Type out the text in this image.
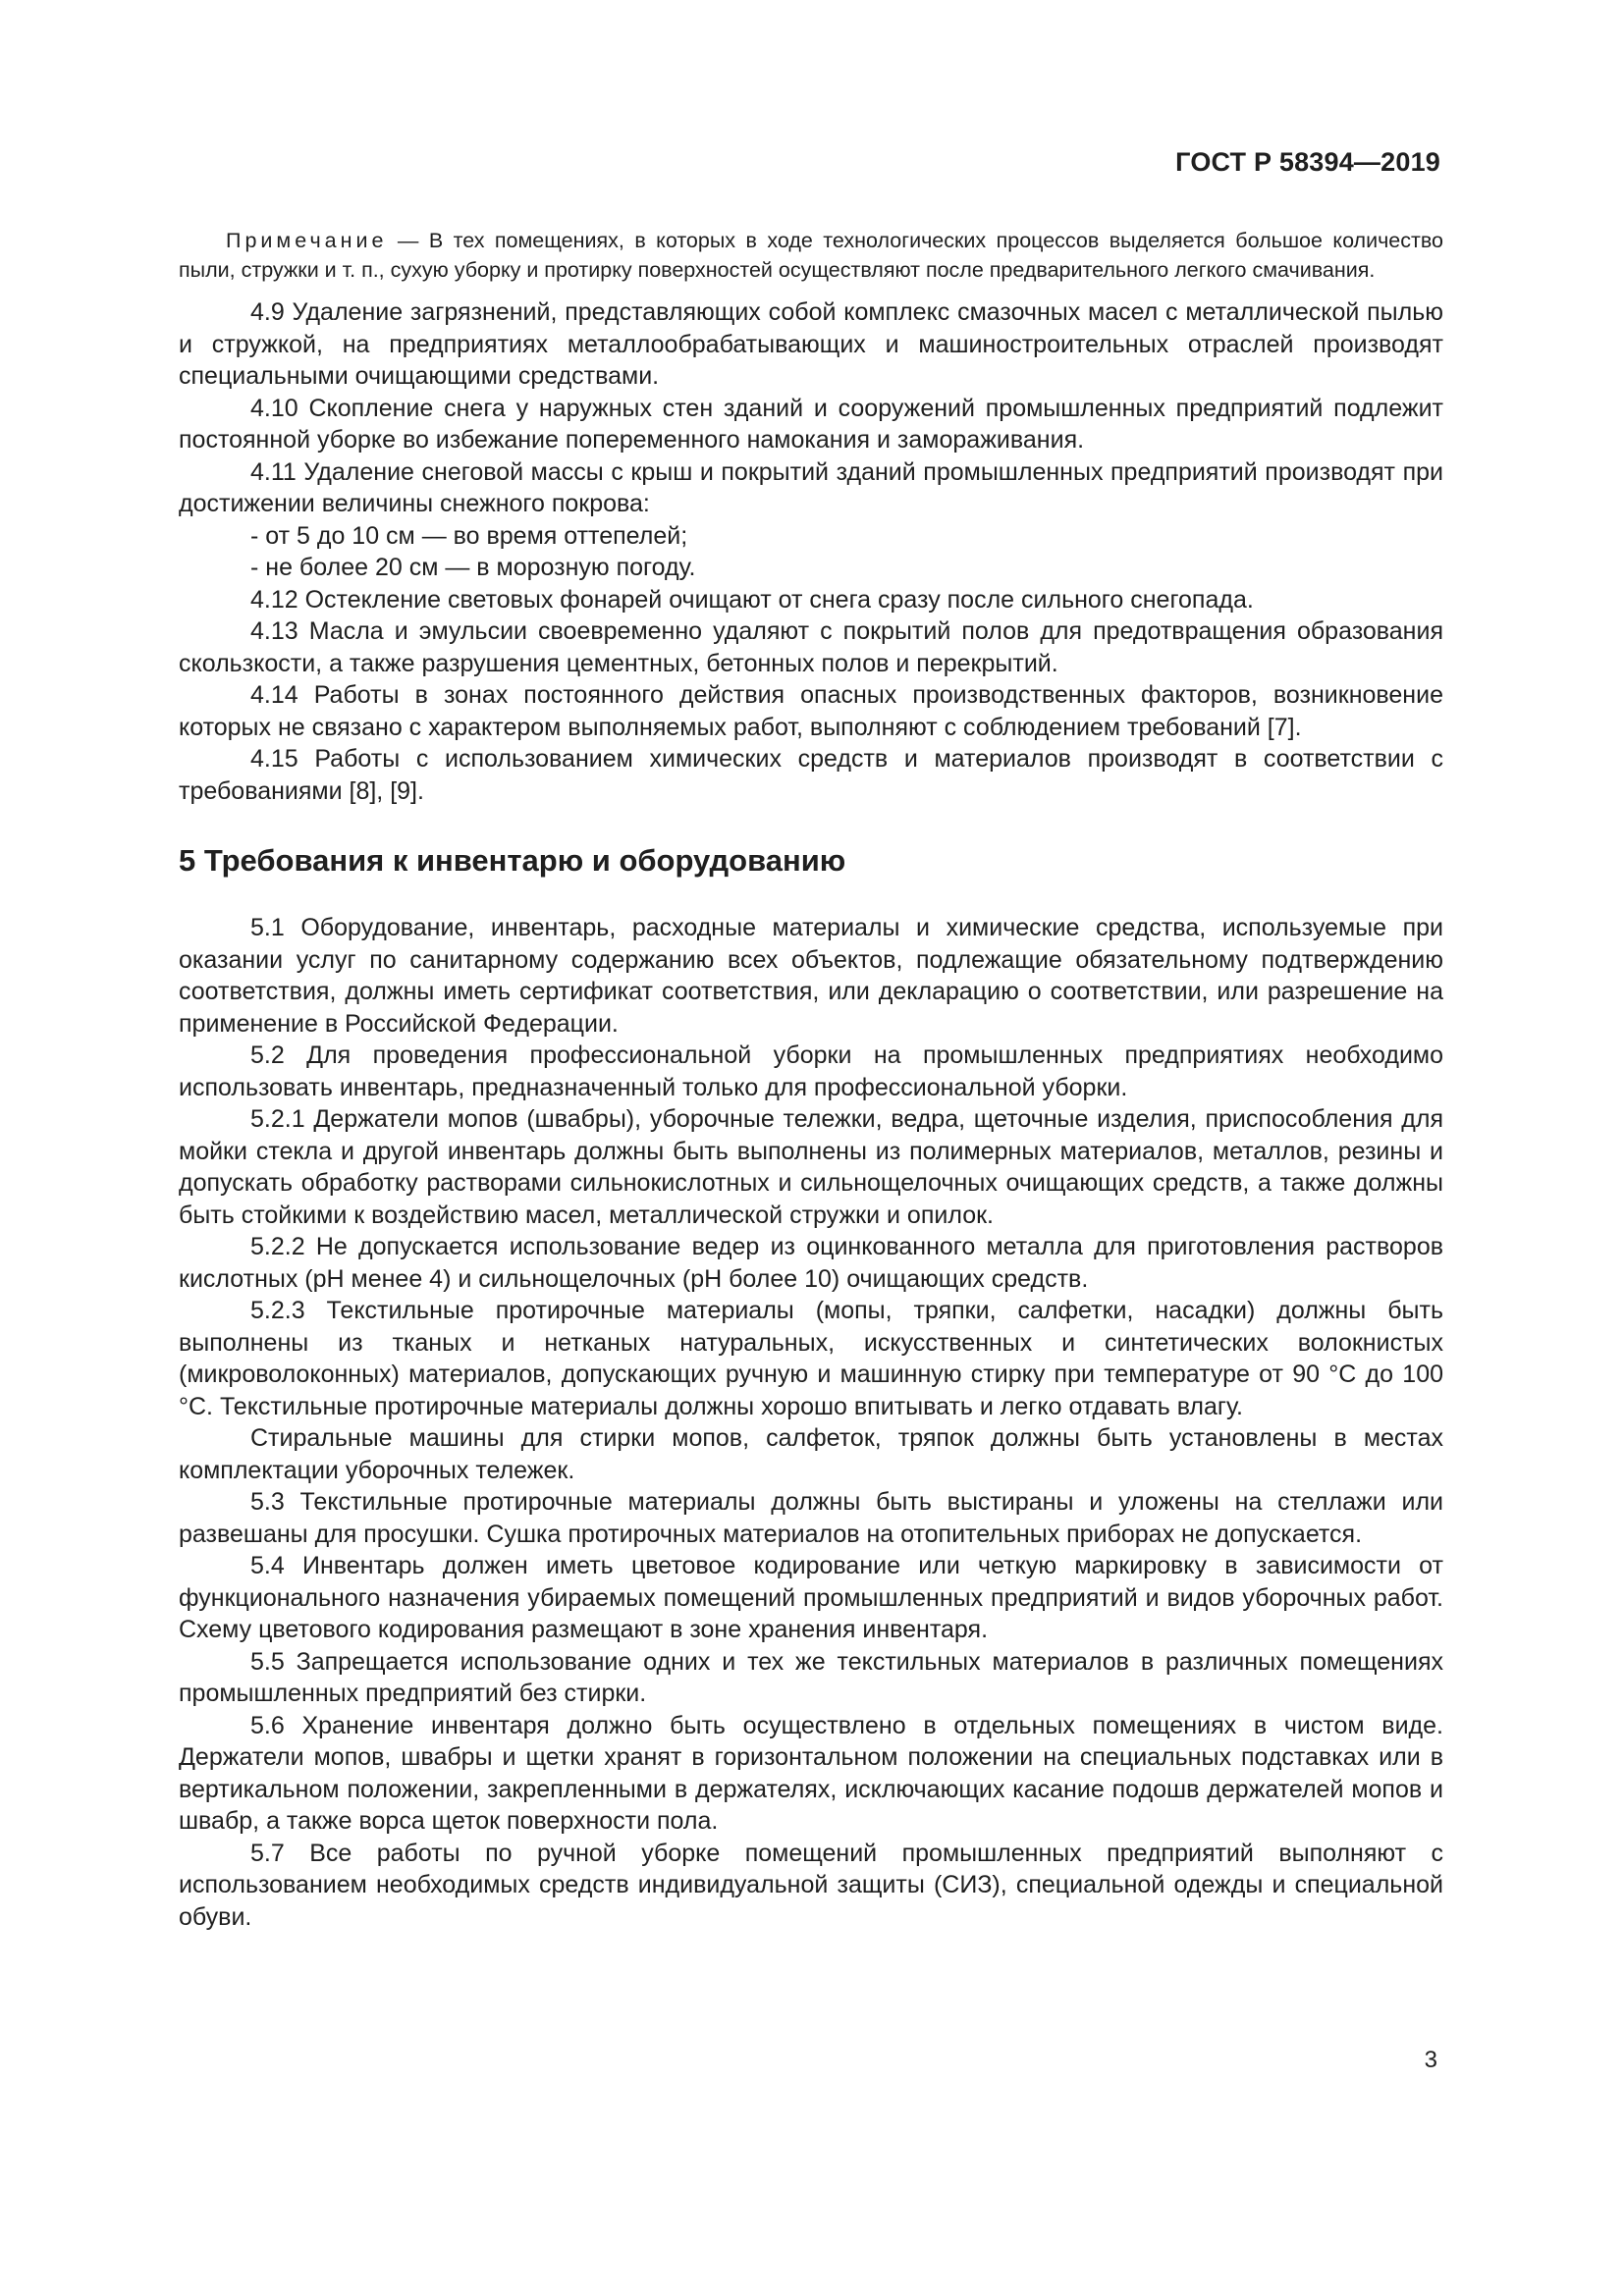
ГОСТ Р 58394—2019

Примечание — В тех помещениях, в которых в ходе технологических процессов выделяется большое количество пыли, стружки и т. п., сухую уборку и протирку поверхностей осуществляют после предварительного легкого смачивания.

4.9 Удаление загрязнений, представляющих собой комплекс смазочных масел с металлической пылью и стружкой, на предприятиях металлообрабатывающих и машиностроительных отраслей производят специальными очищающими средствами.

4.10 Скопление снега у наружных стен зданий и сооружений промышленных предприятий подлежит постоянной уборке во избежание попеременного намокания и замораживания.

4.11 Удаление снеговой массы с крыш и покрытий зданий промышленных предприятий производят при достижении величины снежного покрова:

- от 5 до 10 см — во время оттепелей;

- не более 20 см — в морозную погоду.

4.12 Остекление световых фонарей очищают от снега сразу после сильного снегопада.

4.13 Масла и эмульсии своевременно удаляют с покрытий полов для предотвращения образования скользкости, а также разрушения цементных, бетонных полов и перекрытий.

4.14 Работы в зонах постоянного действия опасных производственных факторов, возникновение которых не связано с характером выполняемых работ, выполняют с соблюдением требований [7].

4.15 Работы с использованием химических средств и материалов производят в соответствии с требованиями [8], [9].

5 Требования к инвентарю и оборудованию

5.1 Оборудование, инвентарь, расходные материалы и химические средства, используемые при оказании услуг по санитарному содержанию всех объектов, подлежащие обязательному подтверждению соответствия, должны иметь сертификат соответствия, или декларацию о соответствии, или разрешение на применение в Российской Федерации.

5.2 Для проведения профессиональной уборки на промышленных предприятиях необходимо использовать инвентарь, предназначенный только для профессиональной уборки.

5.2.1 Держатели мопов (швабры), уборочные тележки, ведра, щеточные изделия, приспособления для мойки стекла и другой инвентарь должны быть выполнены из полимерных материалов, металлов, резины и допускать обработку растворами сильнокислотных и сильнощелочных очищающих средств, а также должны быть стойкими к воздействию масел, металлической стружки и опилок.

5.2.2 Не допускается использование ведер из оцинкованного металла для приготовления растворов кислотных (pH менее 4) и сильнощелочных (pH более 10) очищающих средств.

5.2.3 Текстильные протирочные материалы (мопы, тряпки, салфетки, насадки) должны быть выполнены из тканых и нетканых натуральных, искусственных и синтетических волокнистых (микроволоконных) материалов, допускающих ручную и машинную стирку при температуре от 90 °С до 100 °С. Текстильные протирочные материалы должны хорошо впитывать и легко отдавать влагу.

Стиральные машины для стирки мопов, салфеток, тряпок должны быть установлены в местах комплектации уборочных тележек.

5.3 Текстильные протирочные материалы должны быть выстираны и уложены на стеллажи или развешаны для просушки. Сушка протирочных материалов на отопительных приборах не допускается.

5.4 Инвентарь должен иметь цветовое кодирование или четкую маркировку в зависимости от функционального назначения убираемых помещений промышленных предприятий и видов уборочных работ. Схему цветового кодирования размещают в зоне хранения инвентаря.

5.5 Запрещается использование одних и тех же текстильных материалов в различных помещениях промышленных предприятий без стирки.

5.6 Хранение инвентаря должно быть осуществлено в отдельных помещениях в чистом виде. Держатели мопов, швабры и щетки хранят в горизонтальном положении на специальных подставках или в вертикальном положении, закрепленными в держателях, исключающих касание подошв держателей мопов и швабр, а также ворса щеток поверхности пола.

5.7 Все работы по ручной уборке помещений промышленных предприятий выполняют с использованием необходимых средств индивидуальной защиты (СИЗ), специальной одежды и специальной обуви.

3
